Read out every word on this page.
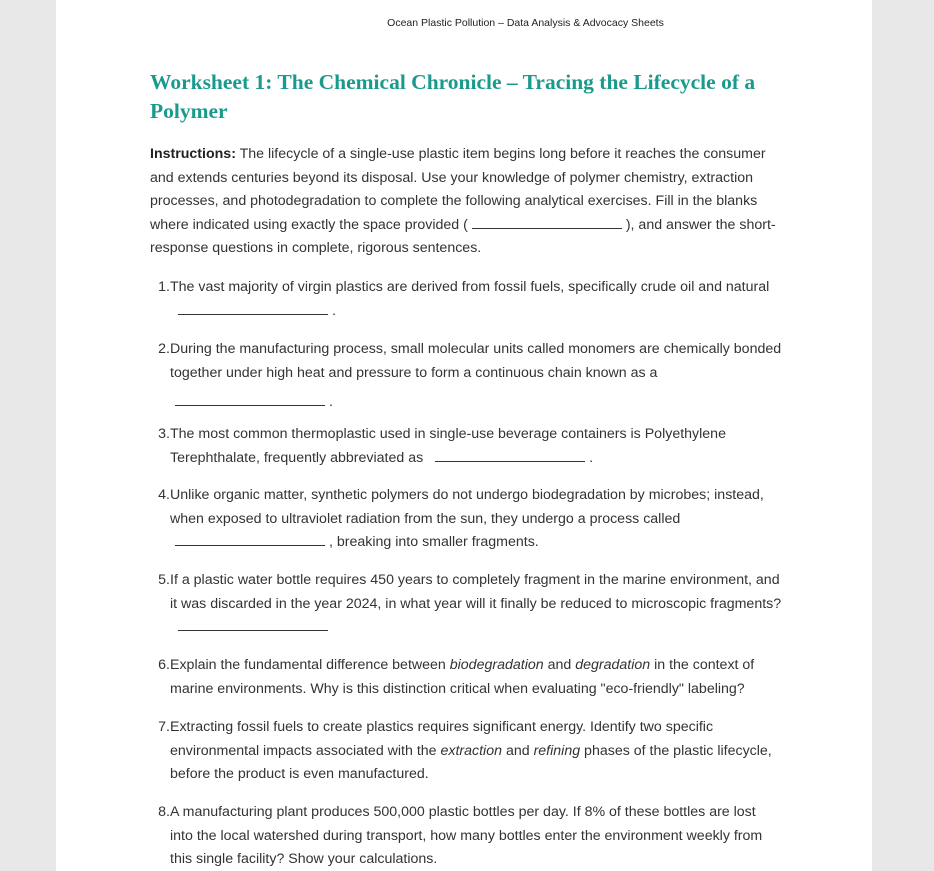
Ocean Plastic Pollution – Data Analysis & Advocacy Sheets
Worksheet 1: The Chemical Chronicle – Tracing the Lifecycle of a Polymer

Instructions: The lifecycle of a single-use plastic item begins long before it reaches the consumer and extends centuries beyond its disposal. Use your knowledge of polymer chemistry, extraction processes, and photodegradation to complete the following analytical exercises. Fill in the blanks where indicated using exactly the space provided (	), and answer the short-response questions in complete, rigorous sentences.

1. The vast majority of virgin plastics are derived from fossil fuels, specifically crude oil and natural .
2. During the manufacturing process, small molecular units called monomers are chemically bonded together under high heat and pressure to form a continuous chain known as a
.
3. The most common thermoplastic used in single-use beverage containers is Polyethylene Terephthalate, frequently abbreviated as	.
4. Unlike organic matter, synthetic polymers do not undergo biodegradation by microbes; instead, when exposed to ultraviolet radiation from the sun, they undergo a process called
, breaking into smaller fragments.
5. If a plastic water bottle requires 450 years to completely fragment in the marine environment, and it was discarded in the year 2024, in what year will it finally be reduced to microscopic fragments?
6. Explain the fundamental difference between biodegradation and degradation in the context of marine environments. Why is this distinction critical when evaluating "eco-friendly" labeling?
7. Extracting fossil fuels to create plastics requires significant energy. Identify two specific environmental impacts associated with the extraction and refining phases of the plastic lifecycle, before the product is even manufactured.
8. A manufacturing plant produces 500,000 plastic bottles per day. If 8% of these bottles are lost into the local watershed during transport, how many bottles enter the environment weekly from this single facility? Show your calculations.
